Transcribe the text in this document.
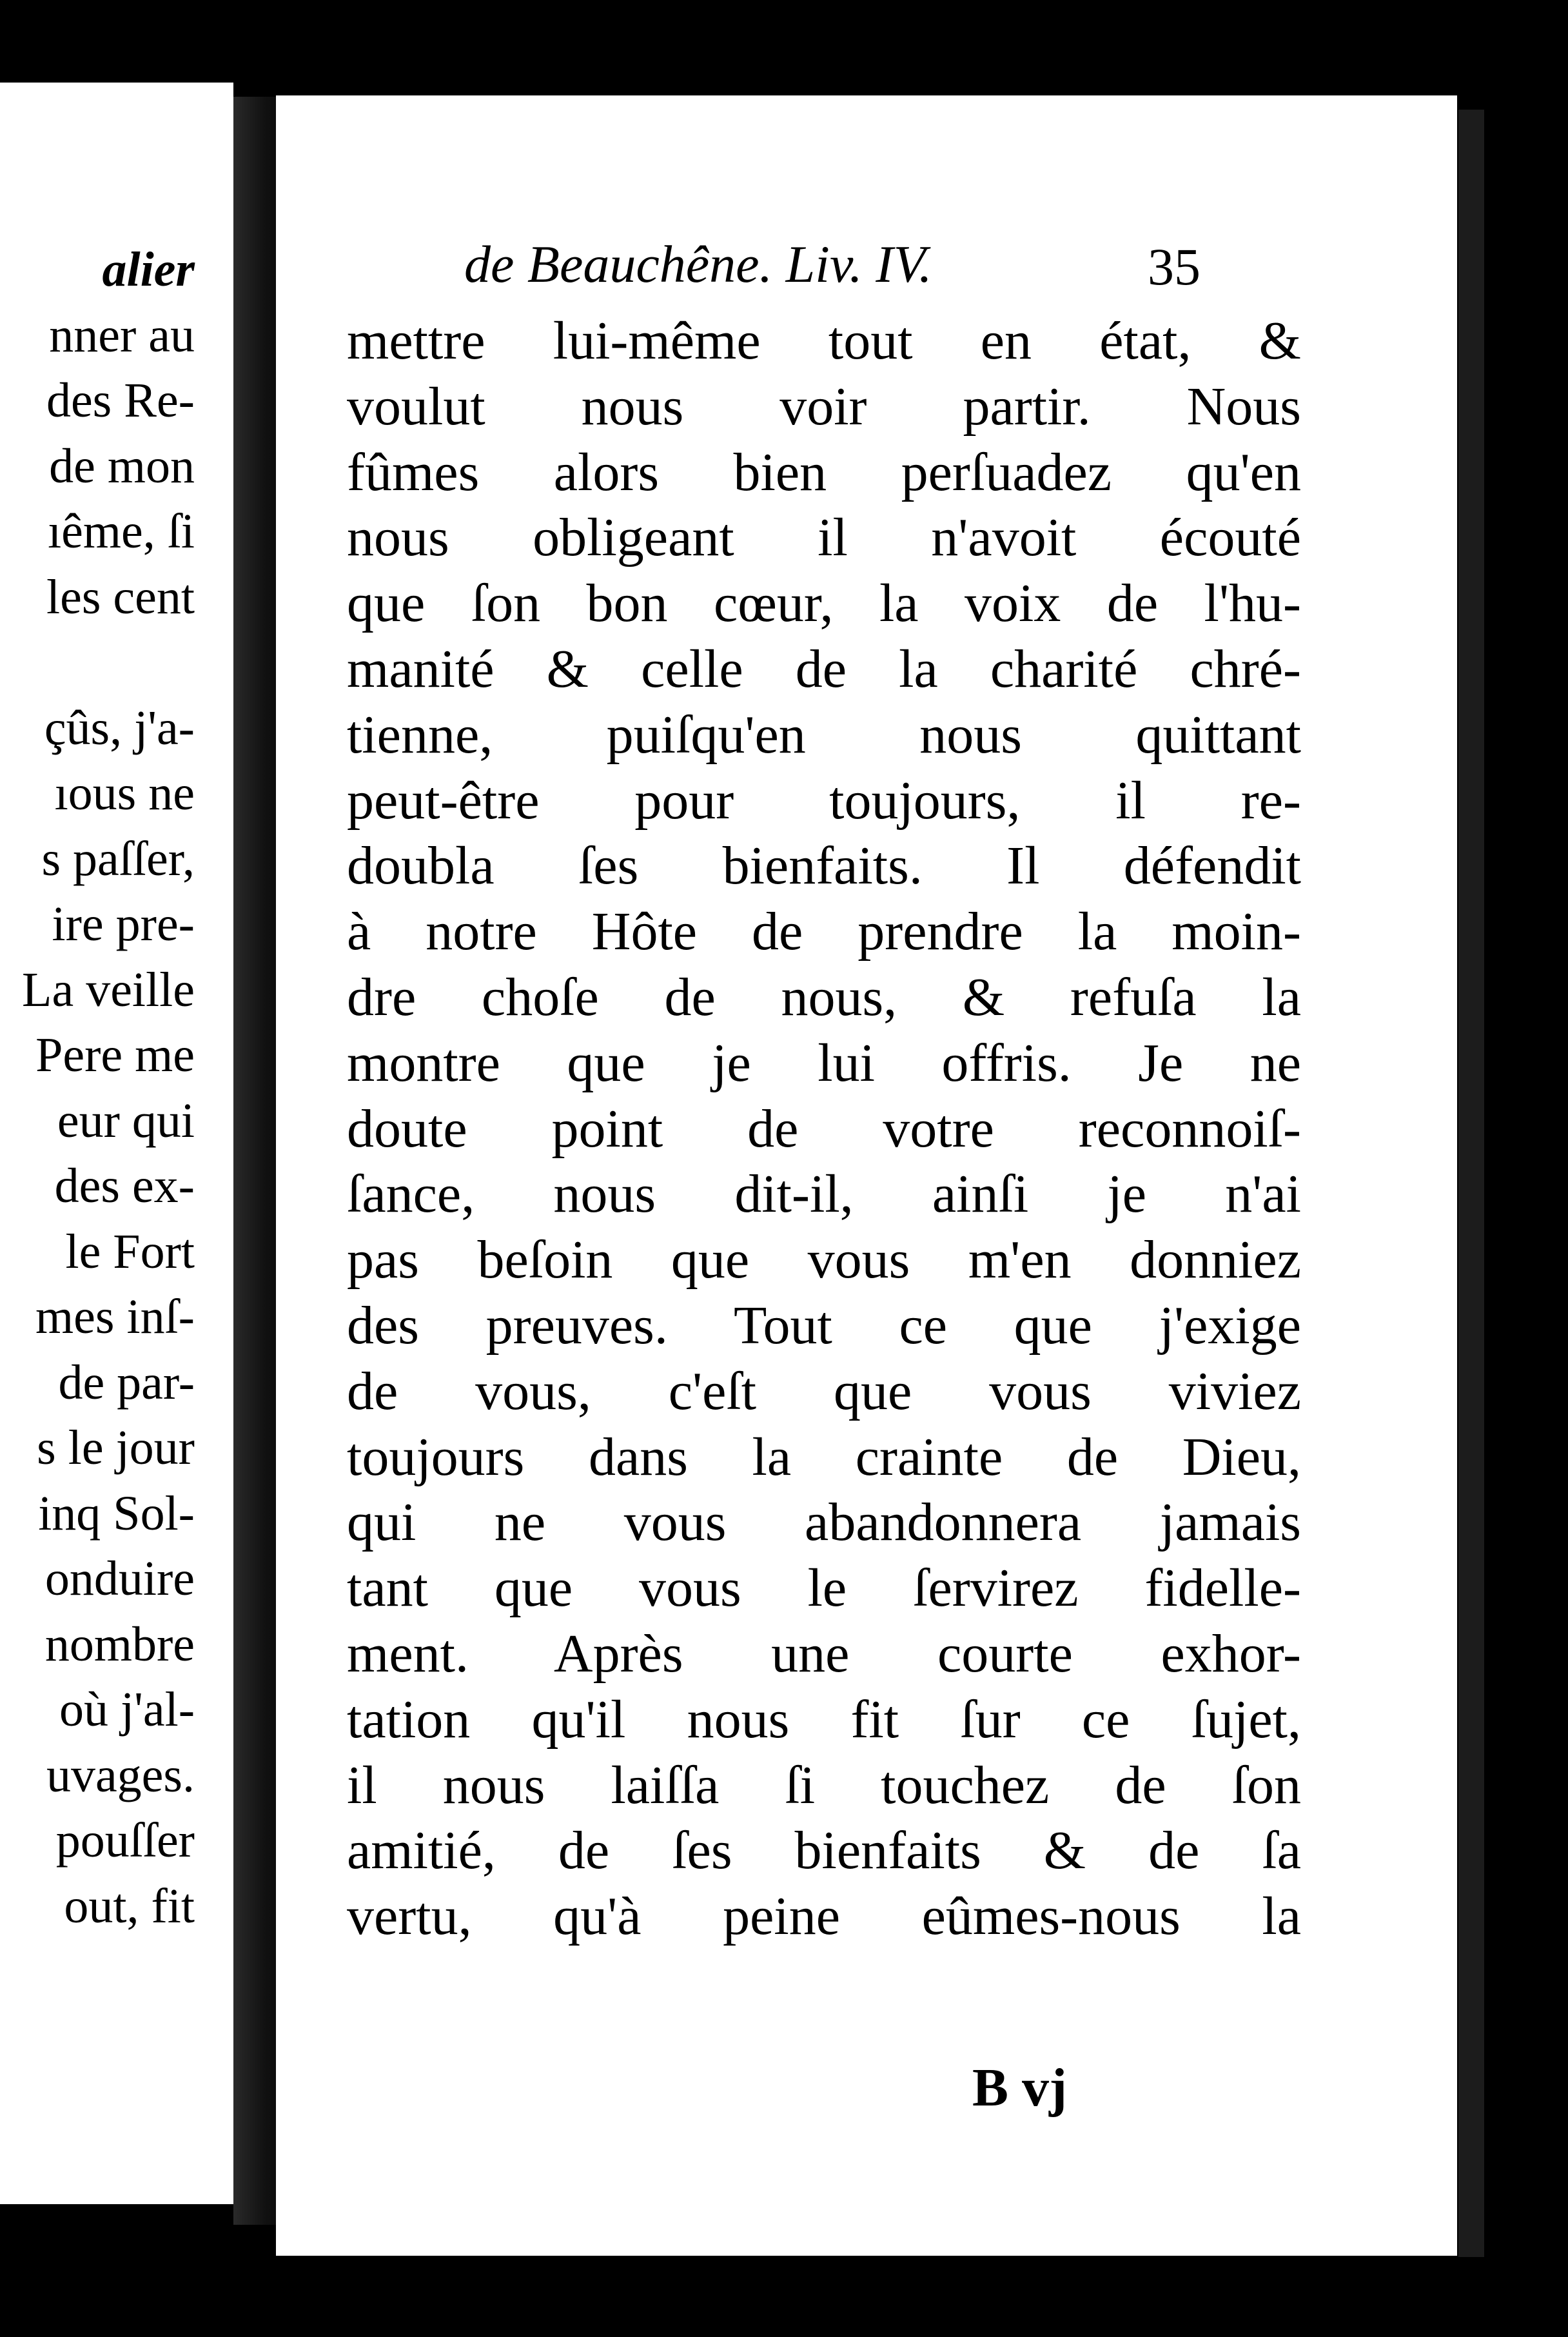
alier
nner au
des Re-
de mon
ıême, ſi
les cent
çûs, j'a-
ıous ne
s paſſer,
ire pre-
La veille
Pere me
eur qui
des ex-
le Fort
mes inſ-
de par-
s le jour
inq Sol-
onduire
nombre
où j'al-
uvages.
pouſſer
out, fit
de Beauchêne. Liv. IV.	35
mettre lui-même tout en état, &
voulut nous voir partir. Nous
fûmes alors bien perſuadez qu'en
nous obligeant il n'avoit écouté
que ſon bon cœur, la voix de l'hu-
manité & celle de la charité chré-
tienne, puiſqu'en nous quittant
peut-être pour toujours, il re-
doubla ſes bienfaits. Il défendit
à notre Hôte de prendre la moin-
dre choſe de nous, & refuſa la
montre que je lui offris. Je ne
doute point de votre reconnoiſ-
ſance, nous dit-il, ainſi je n'ai
pas beſoin que vous m'en donniez
des preuves. Tout ce que j'exige
de vous, c'eſt que vous viviez
toujours dans la crainte de Dieu,
qui ne vous abandonnera jamais
tant que vous le ſervirez fidelle-
ment. Après une courte exhor-
tation qu'il nous fit ſur ce ſujet,
il nous laiſſa ſi touchez de ſon
amitié, de ſes bienfaits & de ſa
vertu, qu'à peine eûmes-nous la
B vj
